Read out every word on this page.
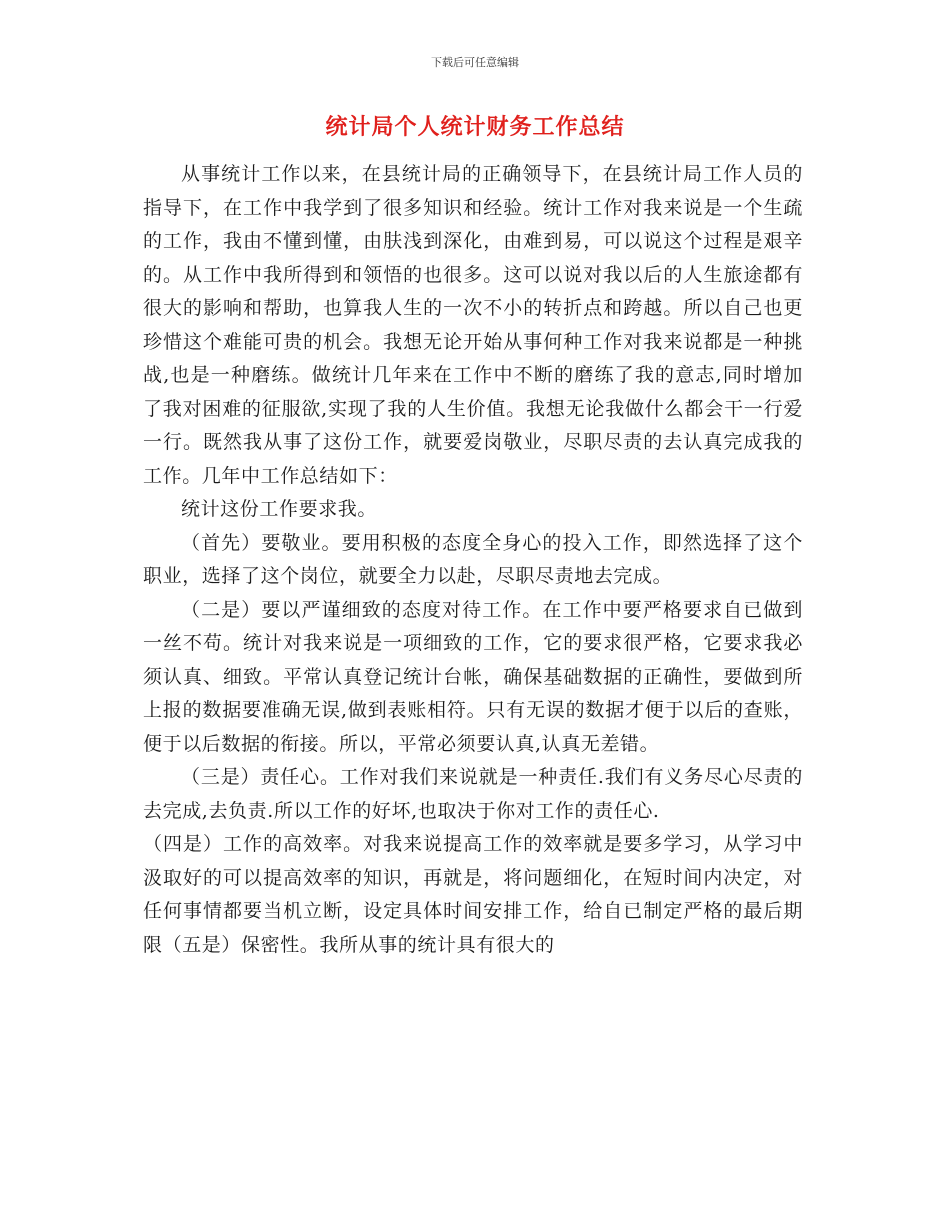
下载后可任意编辑
统计局个人统计财务工作总结

从事统计工作以来，在县统计局的正确领导下，在县统计局工作人员的指导下，在工作中我学到了很多知识和经验。统计工作对我来说是一个生疏的工作，我由不懂到懂，由肤浅到深化，由难到易，可以说这个过程是艰辛的。从工作中我所得到和领悟的也很多。这可以说对我以后的人生旅途都有很大的影响和帮助，也算我人生的一次不小的转折点和跨越。所以自己也更珍惜这个难能可贵的机会。我想无论开始从事何种工作对我来说都是一种挑战,也是一种磨练。做统计几年来在工作中不断的磨练了我的意志,同时增加了我对困难的征服欲,实现了我的人生价值。我想无论我做什么都会干一行爱一行。既然我从事了这份工作，就要爱岗敬业，尽职尽责的去认真完成我的工作。几年中工作总结如下：

统计这份工作要求我。

（首先）要敬业。要用积极的态度全身心的投入工作，即然选择了这个职业，选择了这个岗位，就要全力以赴，尽职尽责地去完成。

（二是）要以严谨细致的态度对待工作。在工作中要严格要求自已做到一丝不苟。统计对我来说是一项细致的工作，它的要求很严格，它要求我必须认真、细致。平常认真登记统计台帐，确保基础数据的正确性，要做到所上报的数据要准确无误,做到表账相符。只有无误的数据才便于以后的查账，便于以后数据的衔接。所以，平常必须要认真,认真无差错。

（三是）责任心。工作对我们来说就是一种责任.我们有义务尽心尽责的去完成,去负责.所以工作的好坏,也取决于你对工作的责任心.

（四是）工作的高效率。对我来说提高工作的效率就是要多学习，从学习中汲取好的可以提高效率的知识，再就是，将问题细化，在短时间内决定，对任何事情都要当机立断，设定具体时间安排工作，给自已制定严格的最后期限（五是）保密性。我所从事的统计具有很大的
